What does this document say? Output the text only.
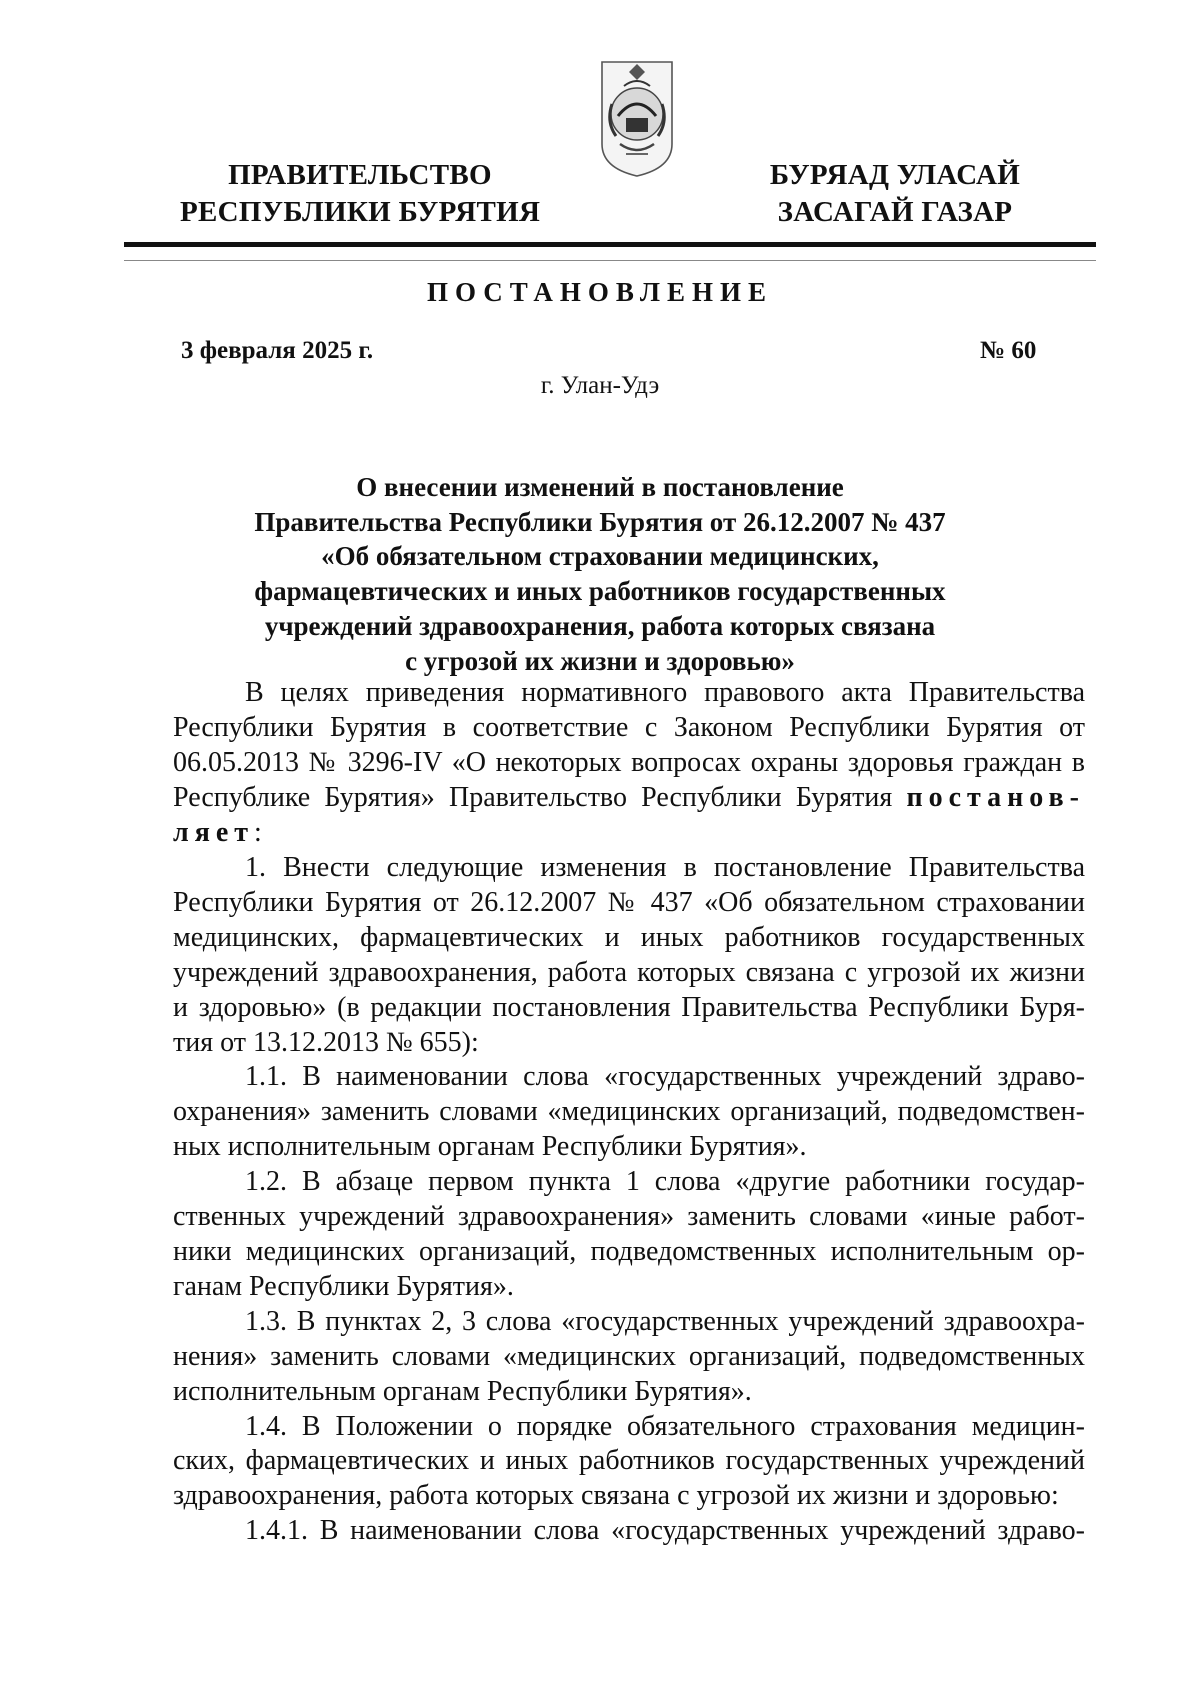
ПРАВИТЕЛЬСТВО
РЕСПУБЛИКИ БУРЯТИЯ
БУРЯАД УЛАСАЙ
ЗАСАГАЙ ГАЗАР
ПОСТАНОВЛЕНИЕ
3 февраля 2025 г.	№ 60
г. Улан-Удэ
О внесении изменений в постановление
Правительства Республики Бурятия от 26.12.2007 № 437
«Об обязательном страховании медицинских,
фармацевтических и иных работников государственных
учреждений здравоохранения, работа которых связана
с угрозой их жизни и здоровью»
В целях приведения нормативного правового акта Правительства
Республики Бурятия в соответствие с Законом Республики Бурятия от
06.05.2013 № 3296-IV «О некоторых вопросах охраны здоровья граждан в
Республике Бурятия» Правительство Республики Бурятия постанов-
ляет:
1. Внести следующие изменения в постановление Правительства
Республики Бурятия от 26.12.2007 № 437 «Об обязательном страховании
медицинских, фармацевтических и иных работников государственных
учреждений здравоохранения, работа которых связана с угрозой их жизни
и здоровью» (в редакции постановления Правительства Республики Буря-
тия от 13.12.2013 № 655):
1.1. В наименовании слова «государственных учреждений здраво-
охранения» заменить словами «медицинских организаций, подведомствен-
ных исполнительным органам Республики Бурятия».
1.2. В абзаце первом пункта 1 слова «другие работники государ-
ственных учреждений здравоохранения» заменить словами «иные работ-
ники медицинских организаций, подведомственных исполнительным ор-
ганам Республики Бурятия».
1.3. В пунктах 2, 3 слова «государственных учреждений здравоохра-
нения» заменить словами «медицинских организаций, подведомственных
исполнительным органам Республики Бурятия».
1.4. В Положении о порядке обязательного страхования медицин-
ских, фармацевтических и иных работников государственных учреждений
здравоохранения, работа которых связана с угрозой их жизни и здоровью:
1.4.1. В наименовании слова «государственных учреждений здраво-
